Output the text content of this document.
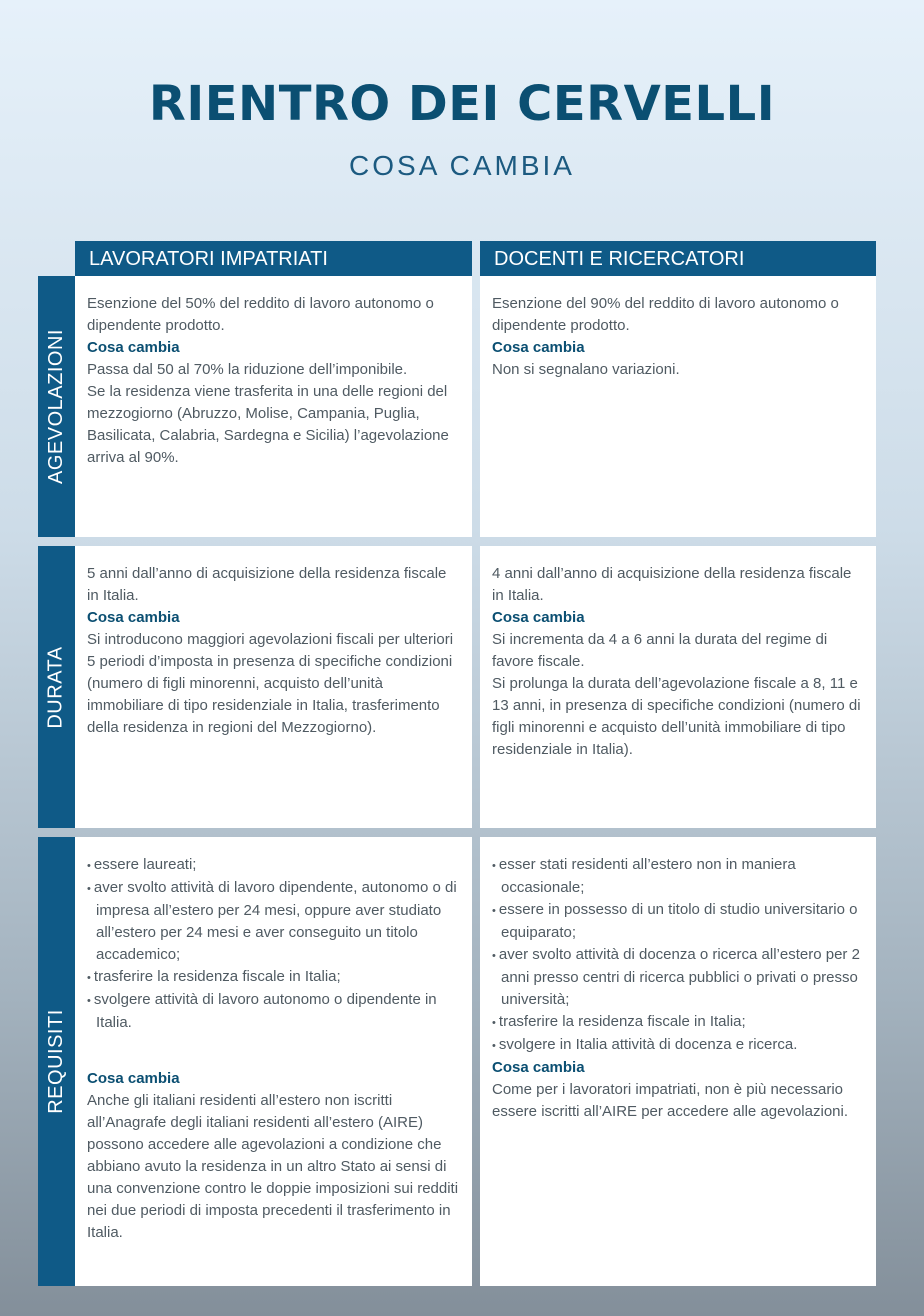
RIENTRO DEI CERVELLI
COSA CAMBIA
LAVORATORI IMPATRIATI	DOCENTI E RICERCATORI
AGEVOLAZIONI

Esenzione del 50% del reddito di lavoro autonomo o dipendente prodotto.

Cosa cambia

Passa dal 50 al 70% la riduzione dell’imponibile.

Se la residenza viene trasferita in una delle regioni del mezzogiorno (Abruzzo, Molise, Campania, Puglia, Basilicata, Calabria, Sardegna e Sicilia) l’agevolazione arriva al 90%.

Esenzione del 90% del reddito di lavoro autonomo o dipendente prodotto.

Cosa cambia

Non si segnalano variazioni.

DURATA

5 anni dall’anno di acquisizione della residenza fiscale in Italia.

Cosa cambia

Si introducono maggiori agevolazioni fiscali per ulteriori 5 periodi d’imposta in presenza di specifiche condizioni (numero di figli minorenni, acquisto dell’unità immobiliare di tipo residenziale in Italia, trasferimento della residenza in regioni del Mezzogiorno).

4 anni dall’anno di acquisizione della residenza fiscale in Italia.

Cosa cambia

Si incrementa da 4 a 6 anni la durata del regime di favore fiscale.

Si prolunga la durata dell’agevolazione fiscale a 8, 11 e 13 anni, in presenza di specifiche condizioni (numero di figli minorenni e acquisto dell’unità immobiliare di tipo residenziale in Italia).

REQUISITI
• essere laureati;
• aver svolto attività di lavoro dipendente, autonomo o di impresa all’estero per 24 mesi, oppure aver studiato all’estero per 24 mesi e aver conseguito un titolo accademico;
• trasferire la residenza fiscale in Italia;
• svolgere attività di lavoro autonomo o dipendente in Italia.

Cosa cambia

Anche gli italiani residenti all’estero non iscritti all’Anagrafe degli italiani residenti all’estero (AIRE) possono accedere alle agevolazioni a condizione che abbiano avuto la residenza in un altro Stato ai sensi di una convenzione contro le doppie imposizioni sui redditi nei due periodi di imposta precedenti il trasferimento in Italia.

• esser stati residenti all’estero non in maniera occasionale;
• essere in possesso di un titolo di studio universitario o equiparato;
• aver svolto attività di docenza o ricerca all’estero per 2 anni presso centri di ricerca pubblici o privati o presso università;
• trasferire la residenza fiscale in Italia;
• svolgere in Italia attività di docenza e ricerca.

Cosa cambia

Come per i lavoratori impatriati, non è più necessario essere iscritti all’AIRE per accedere alle agevolazioni.
